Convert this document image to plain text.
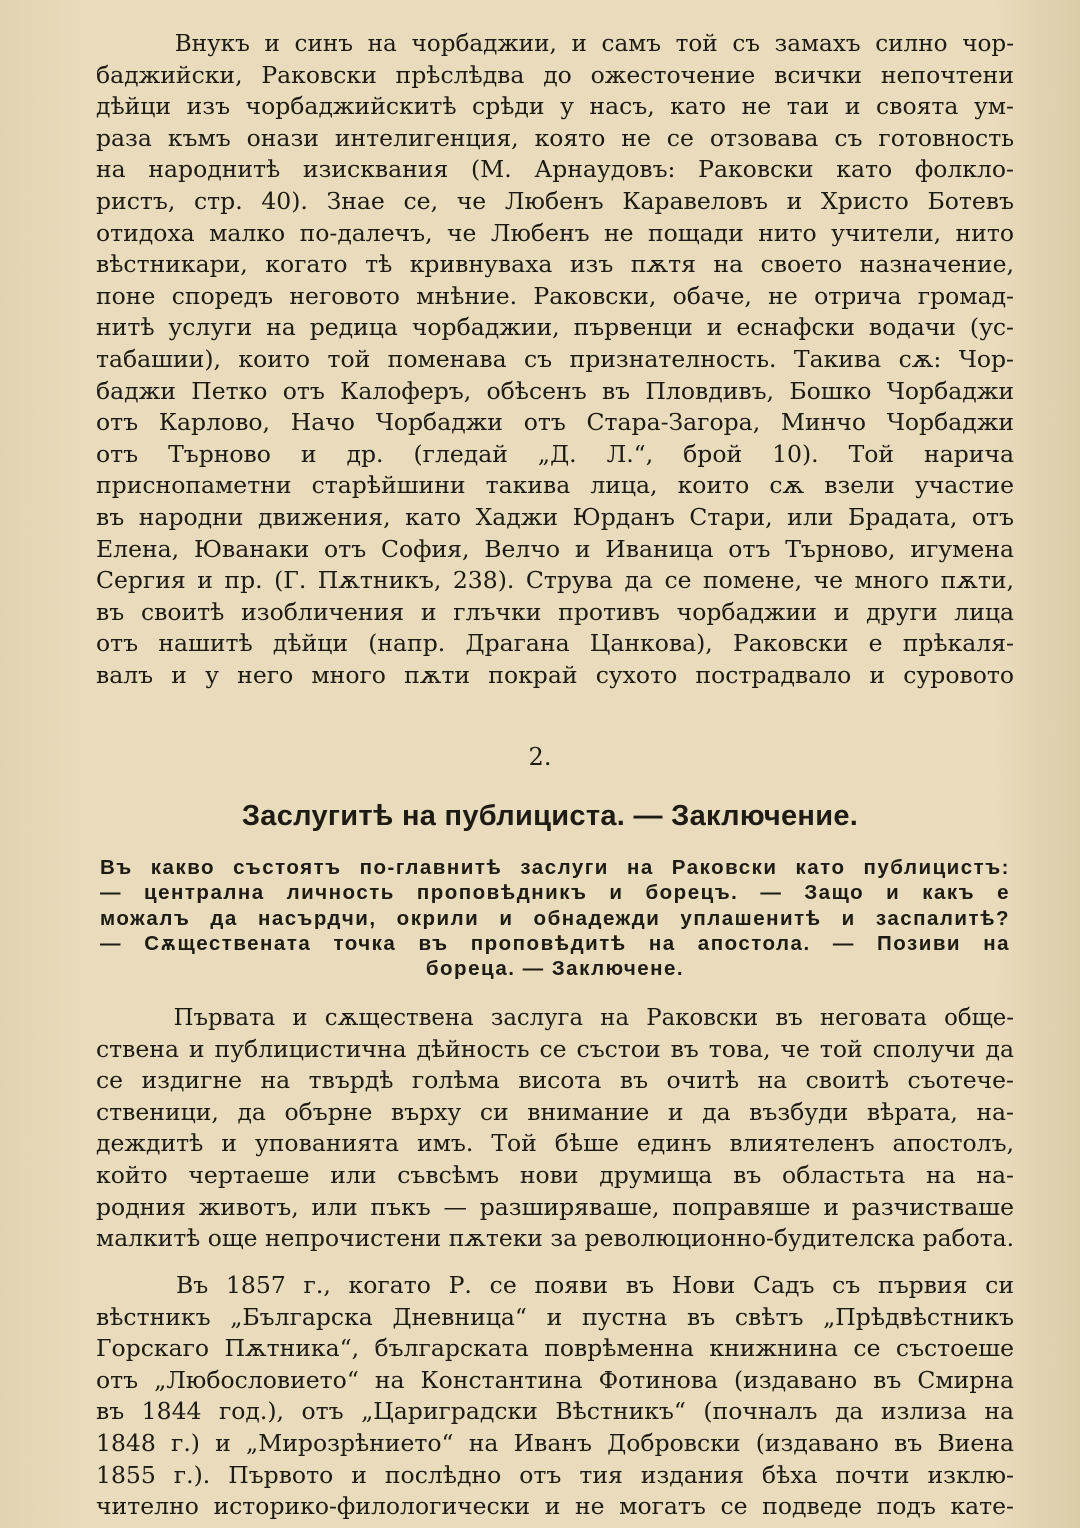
Внукъ и синъ на чорбаджии, и самъ той съ замахъ силно чор-
баджийски, Раковски прѣслѣдва до ожесточение всички непочтени
дѣйци изъ чорбаджийскитѣ срѣди у насъ, като не таи и своята ум-
раза къмъ онази интелигенция, която не се отзовава съ готовность
на народнитѣ изисквания (М. Арнаудовъ: Раковски като фолкло-
ристъ, стр. 40). Знае се, че Любенъ Каравеловъ и Христо Ботевъ
отидоха малко по-далечъ, че Любенъ не пощади нито учители, нито
вѣстникари, когато тѣ кривнуваха изъ пѫтя на своето назначение,
поне споредъ неговото мнѣние. Раковски, обаче, не отрича громад-
нитѣ услуги на редица чорбаджии, първенци и еснафски водачи (ус-
табашии), които той поменава съ признателность. Такива сѫ: Чор-
баджи Петко отъ Калоферъ, обѣсенъ въ Пловдивъ, Бошко Чорбаджи
отъ Карлово, Начо Чорбаджи отъ Стара-Загора, Минчо Чорбаджи
отъ Търново и др. (гледай „Д. Л.“, брой 10). Той нарича
приснопаметни старѣйшини такива лица, които сѫ взели участие
въ народни движения, като Хаджи Юрданъ Стари, или Брадата, отъ
Елена, Юванаки отъ София, Велчо и Иваница отъ Търново, игумена
Сергия и пр. (Г. Пѫтникъ, 238). Струва да се помене, че много пѫти,
въ своитѣ изобличения и глъчки противъ чорбаджии и други лица
отъ нашитѣ дѣйци (напр. Драгана Цанкова), Раковски е прѣкаля-
валъ и у него много пѫти покрай сухото пострадвало и суровото

2.
Заслугитѣ на публициста. — Заключение.
Въ какво състоятъ по-главнитѣ заслуги на Раковски като публицистъ:
— централна личность проповѣдникъ и борецъ. — Защо и какъ е
можалъ да насърдчи, окрили и обнадежди уплашенитѣ и заспалитѣ?
— Сѫществената точка въ проповѣдитѣ на апостола. — Позиви на
бореца. — Заключене.

Първата и сѫществена заслуга на Раковски въ неговата обще-
ствена и публицистична дѣйность се състои въ това, че той сполучи да
се издигне на твърдѣ голѣма висота въ очитѣ на своитѣ съотече-
ственици, да обърне върху си внимание и да възбуди вѣрата, на-
деждитѣ и упованията имъ. Той бѣше единъ влиятеленъ апостолъ,
който чертаеше или съвсѣмъ нови друмища въ областьта на на-
родния животъ, или пъкъ — разширяваше, поправяше и разчистваше
малкитѣ още непрочистени пѫтеки за революционно-будителска работа.

Въ 1857 г., когато Р. се появи въ Нови Садъ съ първия си
вѣстникъ „Българска Дневница“ и пустна въ свѣтъ „Прѣдвѣстникъ
Горскаго Пѫтника“, българската поврѣменна книжнина се състоеше
отъ „Любословието“ на Константина Фотинова (издавано въ Смирна
въ 1844 год.), отъ „Цариградски Вѣстникъ“ (почналъ да излиза на
1848 г.) и „Мирозрѣнието“ на Иванъ Добровски (издавано въ Виена
1855 г.). Първото и послѣдно отъ тия издания бѣха почти изклю-
чително историко-филологически и не могатъ се подведе подъ кате-
